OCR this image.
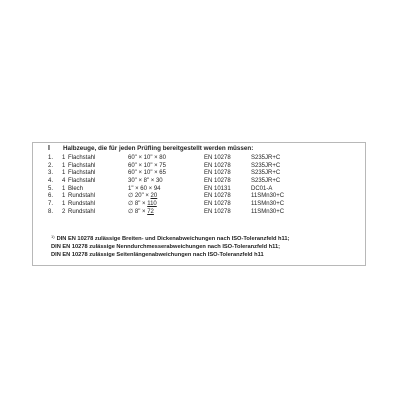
I Halbzeuge, die für jeden Prüfling bereitgestellt werden müssen:
1. 1 Flachstahl	60" × 10" × 80	EN 10278	S235JR+C
2. 1 Flachstahl	60" × 10" × 75	EN 10278	S235JR+C
3. 1 Flachstahl	60" × 10" × 65	EN 10278	S235JR+C
4. 4 Flachstahl	30" × 8" × 30	EN 10278	S235JR+C
5. 1 Blech	1" × 60 × 94	EN 10131	DC01-A
6. 1 Rundstahl	∅ 20" × 20	EN 10278	11SMn30+C
7. 1 Rundstahl	∅ 8" × 110	EN 10278	11SMn30+C
8. 2 Rundstahl	∅ 8" × 72	EN 10278	11SMn30+C
$^{1)}$ DIN EN 10278 zulässige Breiten- und Dickenabweichungen nach ISO-Toleranzfeld h11;
DIN EN 10278 zulässige Nenndurchmesserabweichungen nach ISO-Toleranzfeld h11;
DIN EN 10278 zulässige Seitenlängenabweichungen nach ISO-Toleranzfeld h11
